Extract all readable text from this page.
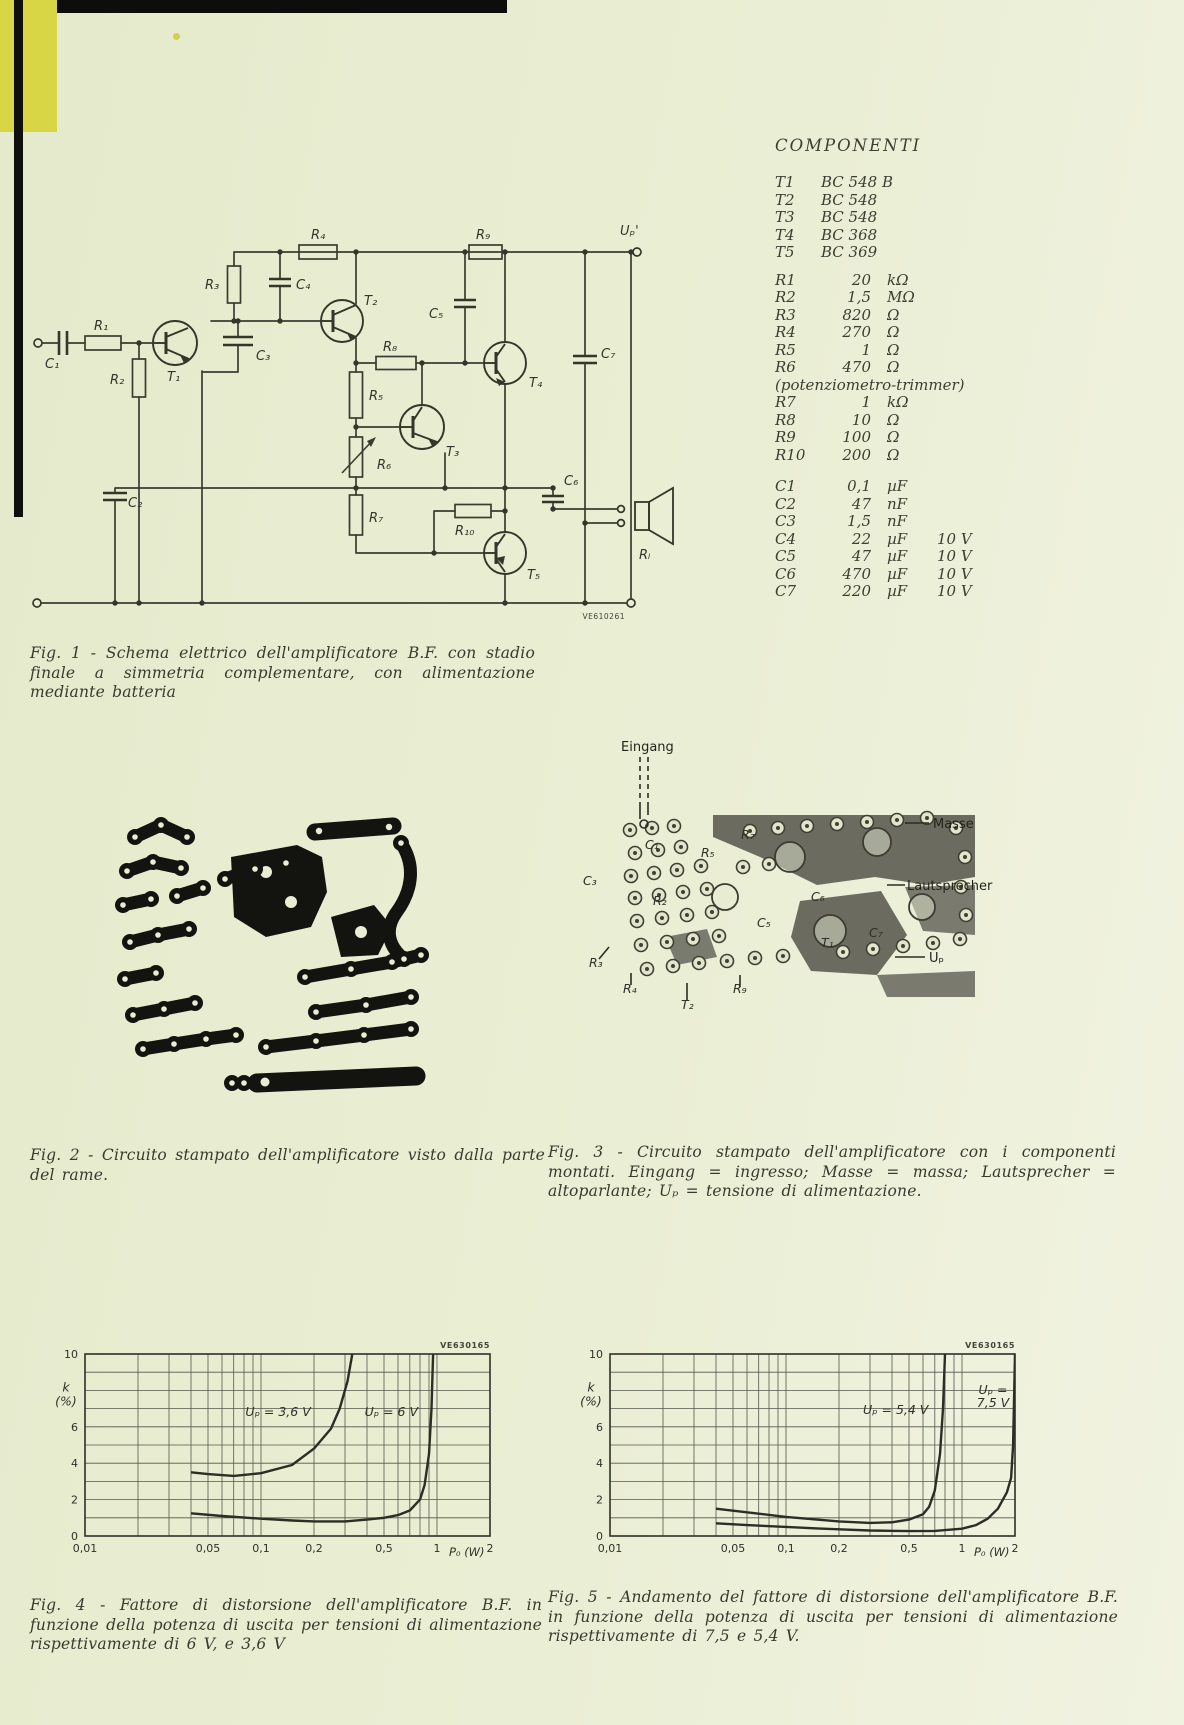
COMPONENTI
T1	BC 548 B
T2	BC 548
T3	BC 548
T4	BC 368
T5	BC 369
R1	20 kΩ
R2	1,5 MΩ
R3	820 Ω
R4	270 Ω
R5	1 Ω
R6	470 Ω
(potenziometro-trimmer)
R7	1 kΩ
R8	10 Ω
R9	100 Ω
R10	200 Ω
C1	0,1 µF
C2	47 nF
C3	1,5 nF
C4	22 µF	10 V
C5	47 µF	10 V
C6	470 µF	10 V
C7	220 µF	10 V
C₁
R₁
R₂	T₁
R₃
C₃
C₄
R₄
T₂
C₅
R₉
R₈
T₄
R₅
T₃
R₆
R₇
R₁₀
T₅
C₆
C₇
C₂
Uₚ'
Rₗ
VE610261
Fig. 1 - Schema elettrico dell'amplificatore B.F. con stadio finale a simmetria complementare, con alimentazione mediante batteria
Fig. 2 - Circuito stampato dell'amplificatore visto dalla parte del rame.
Eingang
Masse
Lautsprecher
Uₚ
C₁
C₃
R₅
R₇
R₂
C₅
C₆
C₇
T₁
R₃
R₄
T₂
R₉
Fig. 3 - Circuito stampato dell'amplificatore con i componenti montati. Eingang = ingresso; Masse = massa; Lautsprecher = altoparlante; Uₚ = tensione di alimentazione.
0,01	0,05	0,1	0,2	0,5	1	2
0
2
4
6
10
k
(%)
P₀ (W)
VE630165
Uₚ = 3,6 V	Uₚ = 6 V
0,01	0,05	0,1	0,2	0,5	1	2
0
2
4
6
10
k
(%)
P₀ (W)
VE630165
Uₚ = 5,4 V
Uₚ = 7,5 V
Fig. 4 - Fattore di distorsione dell'amplificatore B.F. in funzione della potenza di uscita per tensioni di alimentazione rispettivamente di 6 V, e 3,6 V
Fig. 5 - Andamento del fattore di distorsione dell'amplificatore B.F. in funzione della potenza di uscita per tensioni di alimentazione rispettivamente di 7,5 e 5,4 V.
